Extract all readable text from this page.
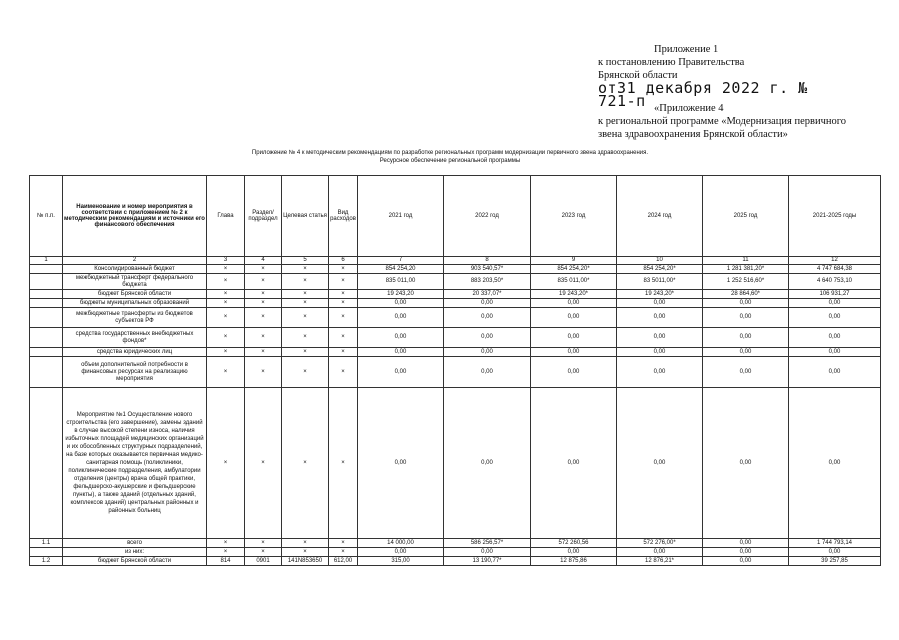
Приложение 1
к постановлению Правительства
Брянской области
от31 декабря 2022 г. № 721-п «Приложение 4
к региональной программе «Модернизация первичного
звена здравоохранения Брянской области»
Приложение № 4 к методическим рекомендациям по разработке региональных программ модернизации первичного звена здравоохранения.
Ресурсное обеспечение региональной программы
№ п.п.	Наименование и номер мероприятия в соответствии с приложением № 2 к методическим рекомендациям и источники его финансового обеспечения	Глава	Раздел/ подраздел	Целевая статья	Вид расходов	2021 год	2022 год	2023 год	2024 год	2025 год	2021-2025 годы
1	2	3	4	5	6	7	8	9	10	11	12
	Консолидированный бюджет	×	×	×	×	854 254,20	903 540,57*	854 254,20*	854 254,20*	1 281 381,20*	4 747 684,38
	межбюджетный трансферт федерального бюджета	×	×	×	×	835 011,00	883 203,50*	835 011,00*	83 5011,00*	1 252 516,60*	4 640 753,10
	бюджет Брянской области	×	×	×	×	19 243,20	20 337,07*	19 243,20*	19 243,20*	28 864,60*	106 931,27
	бюджеты муниципальных образований	×	×	×	×	0,00	0,00	0,00	0,00	0,00	0,00
	межбюджетные трансферты из бюджетов субъектов РФ	×	×	×	×	0,00	0,00	0,00	0,00	0,00	0,00
	средства государственных внебюджетных фондов*	×	×	×	×	0,00	0,00	0,00	0,00	0,00	0,00
	средства юридических лиц	×	×	×	×	0,00	0,00	0,00	0,00	0,00	0,00
	объем дополнительной потребности в финансовых ресурсах на реализацию мероприятия	×	×	×	×	0,00	0,00	0,00	0,00	0,00	0,00
	Мероприятие №1 Осуществление нового строительства (его завершение), замены зданий в случае высокой степени износа, наличия избыточных площадей медицинских организаций и их обособленных структурных подразделений, на базе которых оказывается первичная медико-санитарная помощь (поликлиники, поликлинические подразделения, амбулатории отделения (центры) врача общей практики, фельдшерско-акушерские и фельдшерские пункты), а также зданий (отдельных зданий, комплексов зданий) центральных районных и районных больниц	×	×	×	×	0,00	0,00	0,00	0,00	0,00	0,00
1.1	всего	×	×	×	×	14 000,00	586 256,57*	572 260,56	572 276,00*	0,00	1 744 793,14
	из них:	×	×	×	×	0,00	0,00	0,00	0,00	0,00	0,00
1.2	бюджет Брянской области	814	0901	141N853650	612,00	315,00	13 190,77*	12 875,86	12 876,21*	0,00	39 257,85
